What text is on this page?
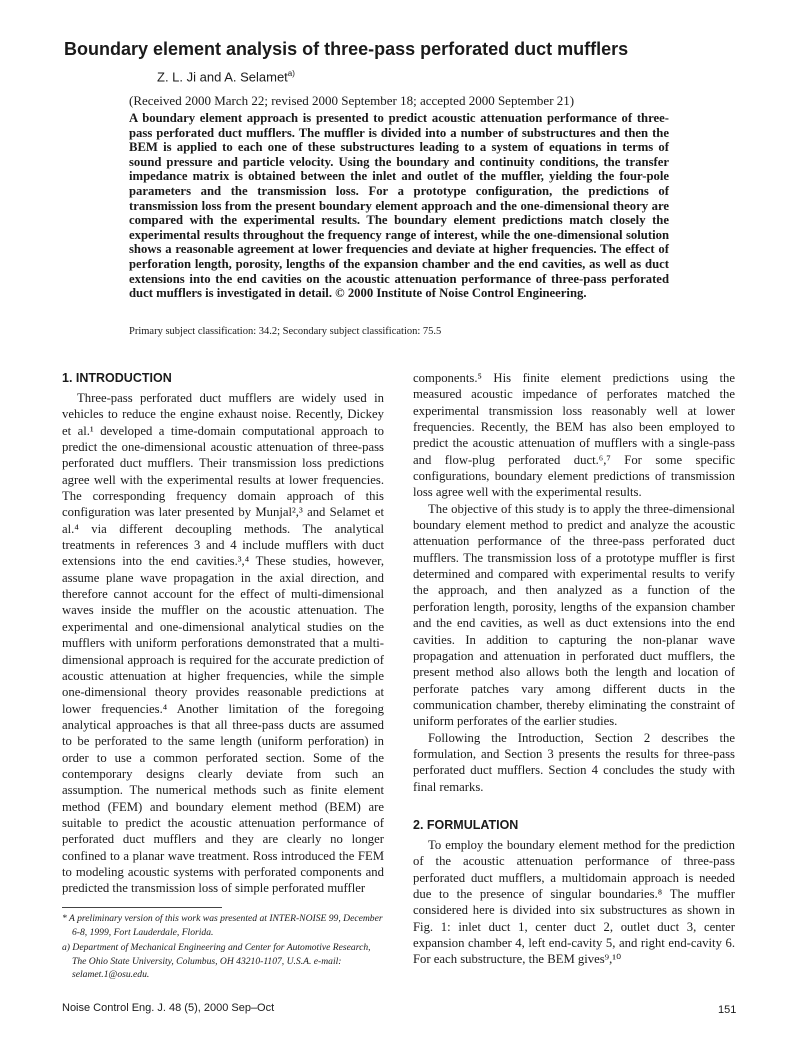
Boundary element analysis of three-pass perforated duct mufflers
Z. L. Ji and A. Selamet$^{a)}$
(Received 2000 March 22; revised 2000 September 18; accepted 2000 September 21)

A boundary element approach is presented to predict acoustic attenuation performance of three-pass perforated duct mufflers. The muffler is divided into a number of substructures and then the BEM is applied to each one of these substructures leading to a system of equations in terms of sound pressure and particle velocity. Using the boundary and continuity conditions, the transfer impedance matrix is obtained between the inlet and outlet of the muffler, yielding the four-pole parameters and the transmission loss. For a prototype configuration, the predictions of transmission loss from the present boundary element approach and the one-dimensional theory are compared with the experimental results. The boundary element predictions match closely the experimental results throughout the frequency range of interest, while the one-dimensional solution shows a reasonable agreement at lower frequencies and deviate at higher frequencies. The effect of perforation length, porosity, lengths of the expansion chamber and the end cavities, as well as duct extensions into the end cavities on the acoustic attenuation performance of three-pass perforated duct mufflers is investigated in detail. © 2000 Institute of Noise Control Engineering.

Primary subject classification: 34.2; Secondary subject classification: 75.5
1. INTRODUCTION

Three-pass perforated duct mufflers are widely used in vehicles to reduce the engine exhaust noise. Recently, Dickey et al.¹ developed a time-domain computational approach to predict the one-dimensional acoustic attenuation of three-pass perforated duct mufflers. Their transmission loss predictions agree well with the experimental results at lower frequencies. The corresponding frequency domain approach of this configuration was later presented by Munjal²,³ and Selamet et al.⁴ via different decoupling methods. The analytical treatments in references 3 and 4 include mufflers with duct extensions into the end cavities.³,⁴ These studies, however, assume plane wave propagation in the axial direction, and therefore cannot account for the effect of multi-dimensional waves inside the muffler on the acoustic attenuation. The experimental and one-dimensional analytical studies on the mufflers with uniform perforations demonstrated that a multi-dimensional approach is required for the accurate prediction of acoustic attenuation at higher frequencies, while the simple one-dimensional theory provides reasonable predictions at lower frequencies.⁴ Another limitation of the foregoing analytical approaches is that all three-pass ducts are assumed to be perforated to the same length (uniform perforation) in order to use a common perforated section. Some of the contemporary designs clearly deviate from such an assumption. The numerical methods such as finite element method (FEM) and boundary element method (BEM) are suitable to predict the acoustic attenuation performance of perforated duct mufflers and they are clearly no longer confined to a planar wave treatment. Ross introduced the FEM to modeling acoustic systems with perforated components and predicted the transmission loss of simple perforated muffler

components.⁵ His finite element predictions using the measured acoustic impedance of perforates matched the experimental transmission loss reasonably well at lower frequencies. Recently, the BEM has also been employed to predict the acoustic attenuation of mufflers with a single-pass and flow-plug perforated duct.⁶,⁷ For some specific configurations, boundary element predictions of transmission loss agree well with the experimental results.

The objective of this study is to apply the three-dimensional boundary element method to predict and analyze the acoustic attenuation performance of the three-pass perforated duct mufflers. The transmission loss of a prototype muffler is first determined and compared with experimental results to verify the approach, and then analyzed as a function of the perforation length, porosity, lengths of the expansion chamber and the end cavities, as well as duct extensions into the end cavities. In addition to capturing the non-planar wave propagation and attenuation in perforated duct mufflers, the present method also allows both the length and location of perforate patches vary among different ducts in the communication chamber, thereby eliminating the constraint of uniform perforates of the earlier studies.

Following the Introduction, Section 2 describes the formulation, and Section 3 presents the results for three-pass perforated duct mufflers. Section 4 concludes the study with final remarks.

2. FORMULATION

To employ the boundary element method for the prediction of the acoustic attenuation performance of three-pass perforated duct mufflers, a multidomain approach is needed due to the presence of singular boundaries.⁸ The muffler considered here is divided into six substructures as shown in Fig. 1: inlet duct 1, center duct 2, outlet duct 3, center expansion chamber 4, left end-cavity 5, and right end-cavity 6. For each substructure, the BEM gives⁹,¹⁰

* A preliminary version of this work was presented at INTER-NOISE 99, December 6-8, 1999, Fort Lauderdale, Florida.

a) Department of Mechanical Engineering and Center for Automotive Research, The Ohio State University, Columbus, OH 43210-1107, U.S.A. e-mail: selamet.1@osu.edu.

Noise Control Eng. J. 48 (5), 2000 Sep–Oct	151
